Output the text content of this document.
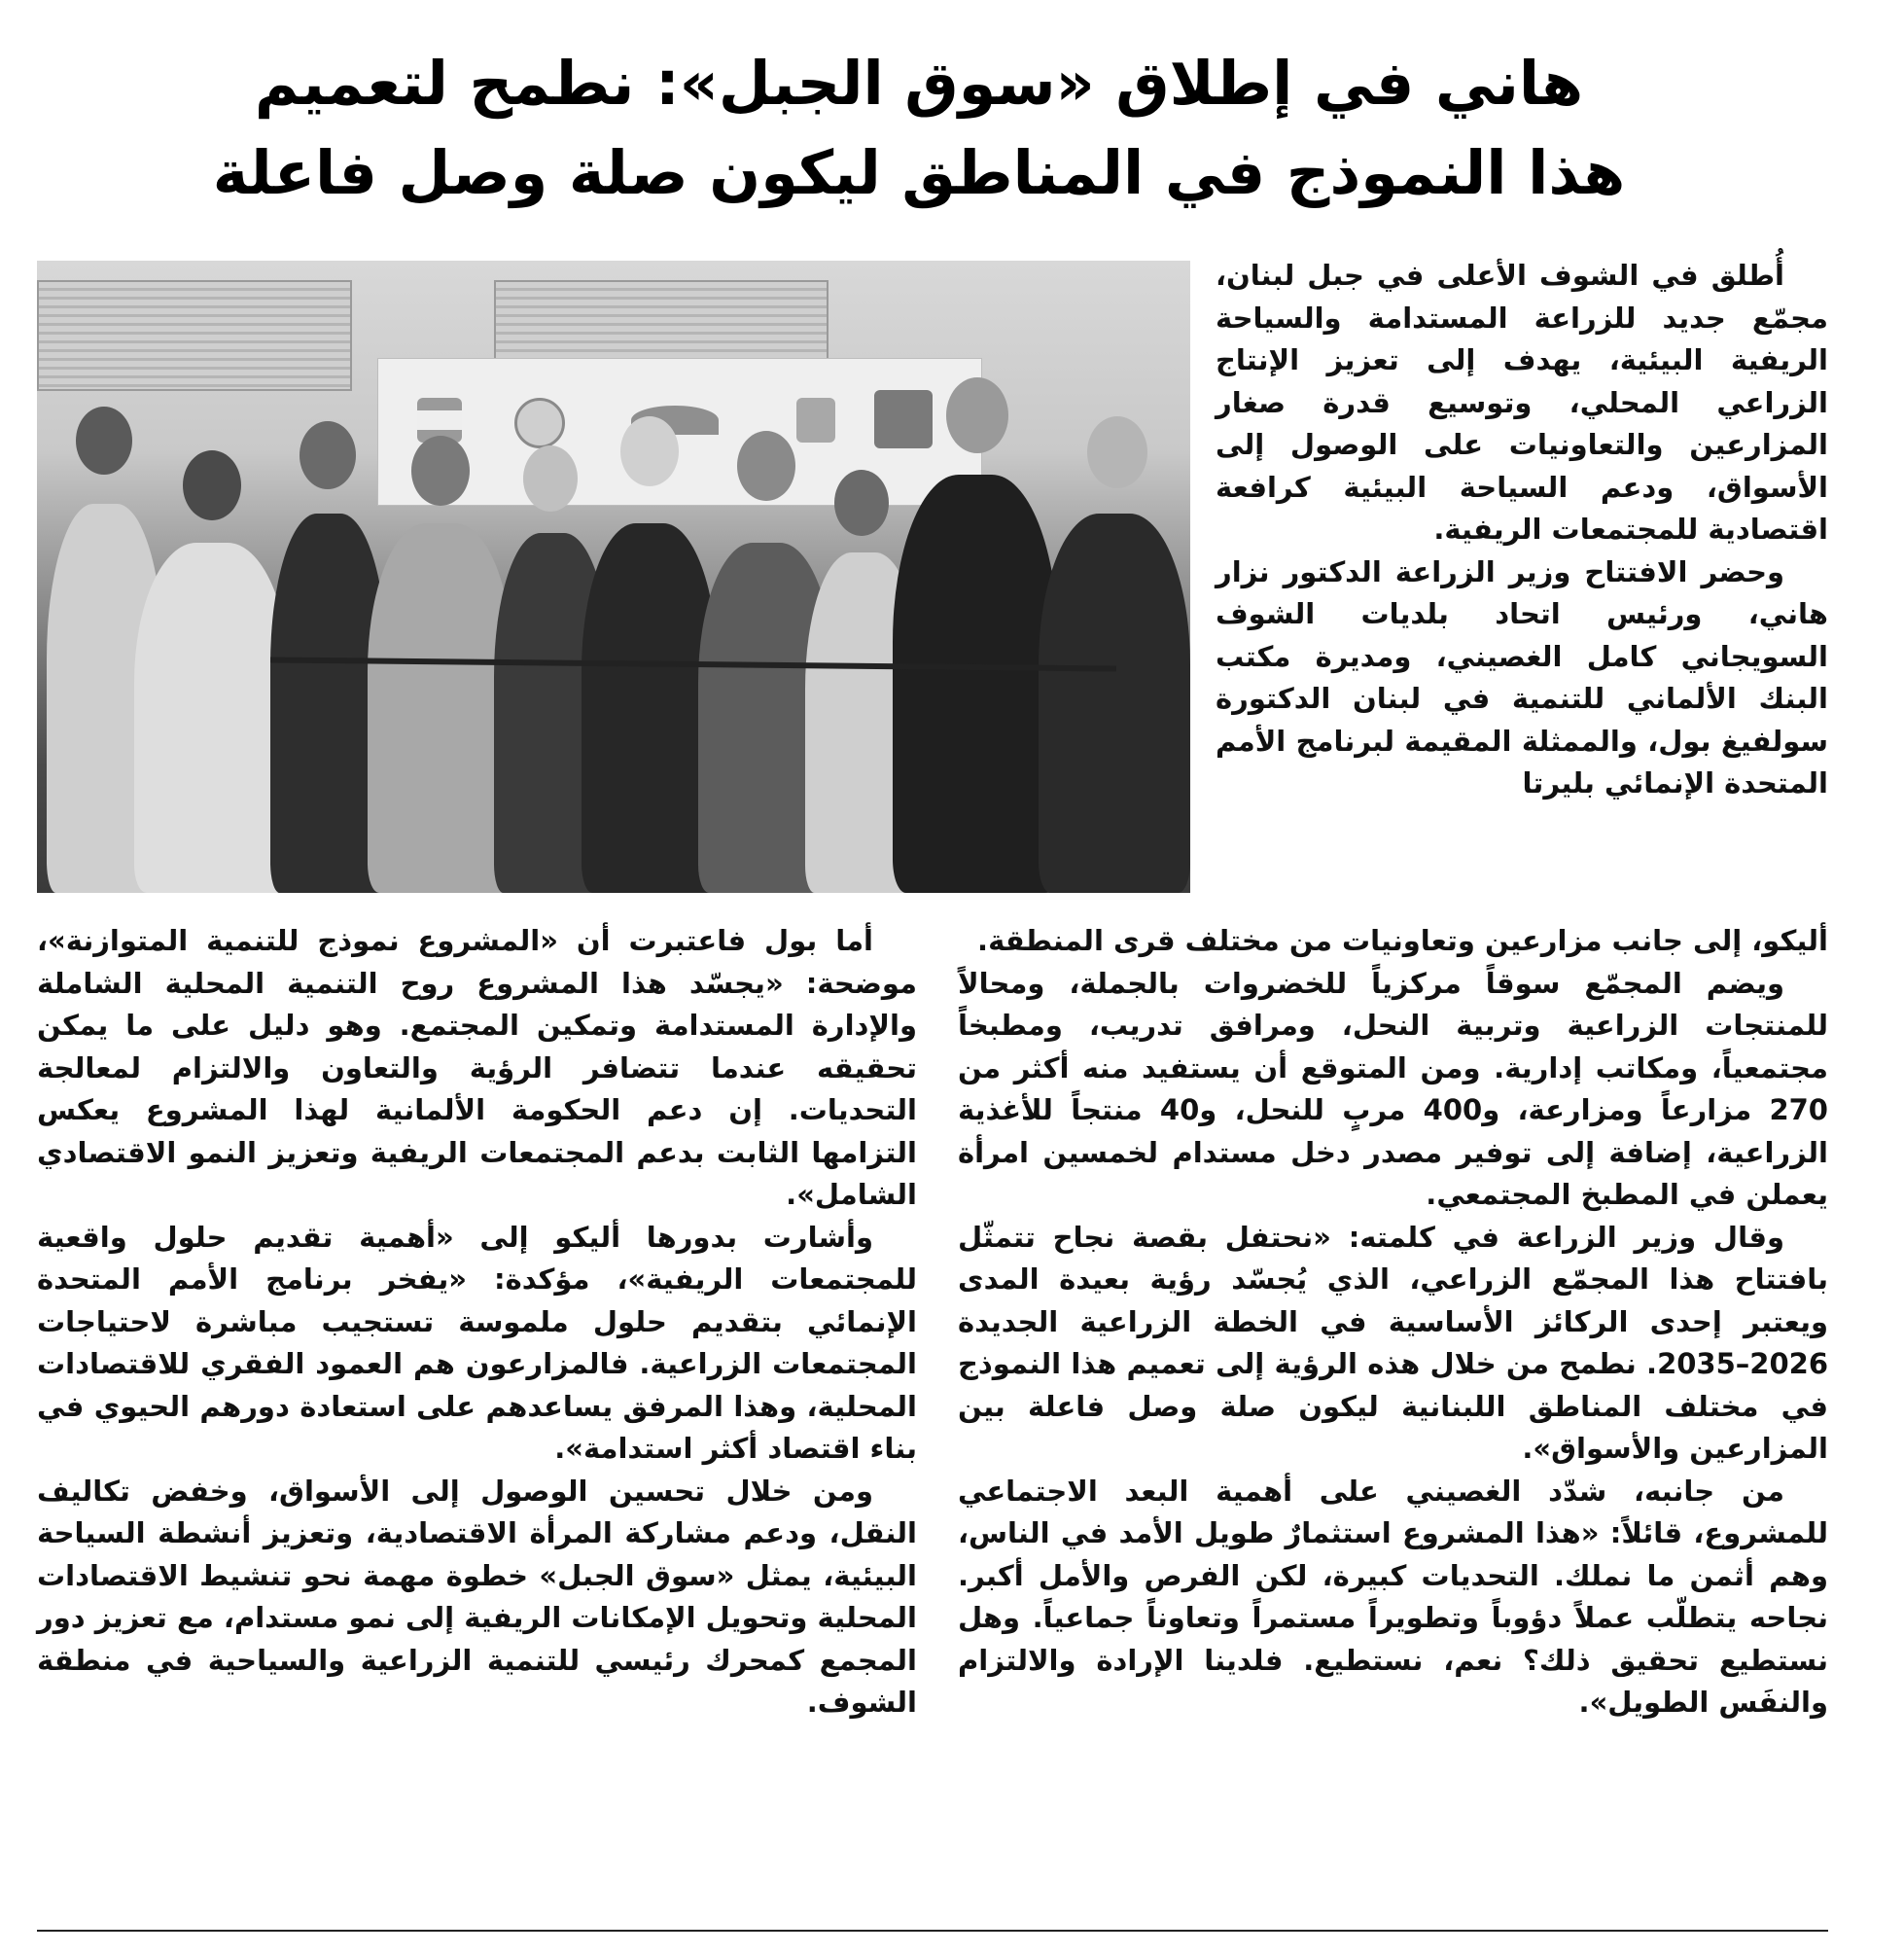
هاني في إطلاق «سوق الجبل»: نطمح لتعميم
هذا النموذج في المناطق ليكون صلة وصل فاعلة

أُطلق في الشوف الأعلى في جبل لبنان، مجمّع جديد للزراعة المستدامة والسياحة الريفية البيئية، يهدف إلى تعزيز الإنتاج الزراعي المحلي، وتوسيع قدرة صغار المزارعين والتعاونيات على الوصول إلى الأسواق، ودعم السياحة البيئية كرافعة اقتصادية للمجتمعات الريفية.

وحضر الافتتاح وزير الزراعة الدكتور نزار هاني، ورئيس اتحاد بلديات الشوف السويجاني كامل الغصيني، ومديرة مكتب البنك الألماني للتنمية في لبنان الدكتورة سولفيغ بول، والممثلة المقيمة لبرنامج الأمم المتحدة الإنمائي بليرتا

أليكو، إلى جانب مزارعين وتعاونيات من مختلف قرى المنطقة.

ويضم المجمّع سوقاً مركزياً للخضروات بالجملة، ومحالاً للمنتجات الزراعية وتربية النحل، ومرافق تدريب، ومطبخاً مجتمعياً، ومكاتب إدارية. ومن المتوقع أن يستفيد منه أكثر من 270 مزارعاً ومزارعة، و400 مربٍ للنحل، و40 منتجاً للأغذية الزراعية، إضافة إلى توفير مصدر دخل مستدام لخمسين امرأة يعملن في المطبخ المجتمعي.

وقال وزير الزراعة في كلمته: «نحتفل بقصة نجاح تتمثّل بافتتاح هذا المجمّع الزراعي، الذي يُجسّد رؤية بعيدة المدى ويعتبر إحدى الركائز الأساسية في الخطة الزراعية الجديدة 2026–2035. نطمح من خلال هذه الرؤية إلى تعميم هذا النموذج في مختلف المناطق اللبنانية ليكون صلة وصل فاعلة بين المزارعين والأسواق».

من جانبه، شدّد الغصيني على أهمية البعد الاجتماعي للمشروع، قائلاً: «هذا المشروع استثمارٌ طويل الأمد في الناس، وهم أثمن ما نملك. التحديات كبيرة، لكن الفرص والأمل أكبر. نجاحه يتطلّب عملاً دؤوباً وتطويراً مستمراً وتعاوناً جماعياً. وهل نستطيع تحقيق ذلك؟ نعم، نستطيع. فلدينا الإرادة والالتزام والنفَس الطويل».

أما بول فاعتبرت أن «المشروع نموذج للتنمية المتوازنة»، موضحة: «يجسّد هذا المشروع روح التنمية المحلية الشاملة والإدارة المستدامة وتمكين المجتمع. وهو دليل على ما يمكن تحقيقه عندما تتضافر الرؤية والتعاون والالتزام لمعالجة التحديات. إن دعم الحكومة الألمانية لهذا المشروع يعكس التزامها الثابت بدعم المجتمعات الريفية وتعزيز النمو الاقتصادي الشامل».

وأشارت بدورها أليكو إلى «أهمية تقديم حلول واقعية للمجتمعات الريفية»، مؤكدة: «يفخر برنامج الأمم المتحدة الإنمائي بتقديم حلول ملموسة تستجيب مباشرة لاحتياجات المجتمعات الزراعية. فالمزارعون هم العمود الفقري للاقتصادات المحلية، وهذا المرفق يساعدهم على استعادة دورهم الحيوي في بناء اقتصاد أكثر استدامة».

ومن خلال تحسين الوصول إلى الأسواق، وخفض تكاليف النقل، ودعم مشاركة المرأة الاقتصادية، وتعزيز أنشطة السياحة البيئية، يمثل «سوق الجبل» خطوة مهمة نحو تنشيط الاقتصادات المحلية وتحويل الإمكانات الريفية إلى نمو مستدام، مع تعزيز دور المجمع كمحرك رئيسي للتنمية الزراعية والسياحية في منطقة الشوف.
